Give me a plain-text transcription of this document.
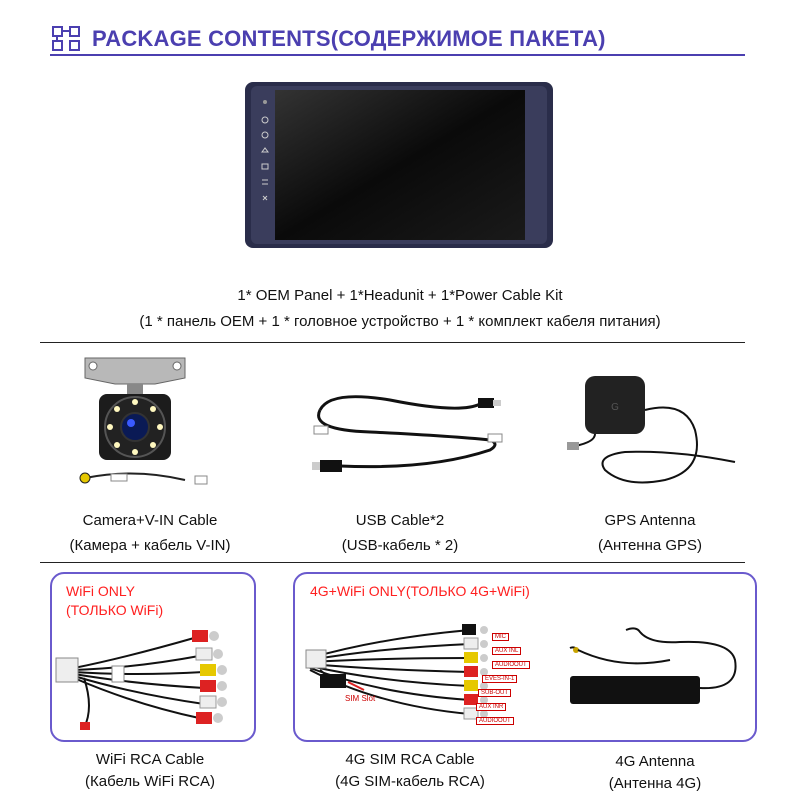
PACKAGE CONTENTS(СОДЕРЖИМОЕ ПАКЕТА)
1* OEM Panel + 1*Headunit + 1*Power Cable Kit
(1 * панель OEM + 1 * головное устройство + 1 * комплект кабеля питания)
G
Camera+V-IN Cable
(Камера + кабель V-IN)
USB Cable*2
(USB-кабель * 2)
GPS Antenna
(Антенна GPS)
WiFi ONLY
(ТОЛЬКО WiFi)
4G+WiFi ONLY(ТОЛЬКО 4G+WiFi)
SIM Slot
MIC
AUX INL
AUDIOOUT
EVES-IN-1
SUB-OUT
AUX INR
AUDIOOUT
WiFi RCA Cable
(Кабель WiFi RCA)
4G SIM RCA Cable
(4G SIM-кабель RCA)
4G Antenna
(Антенна 4G)
